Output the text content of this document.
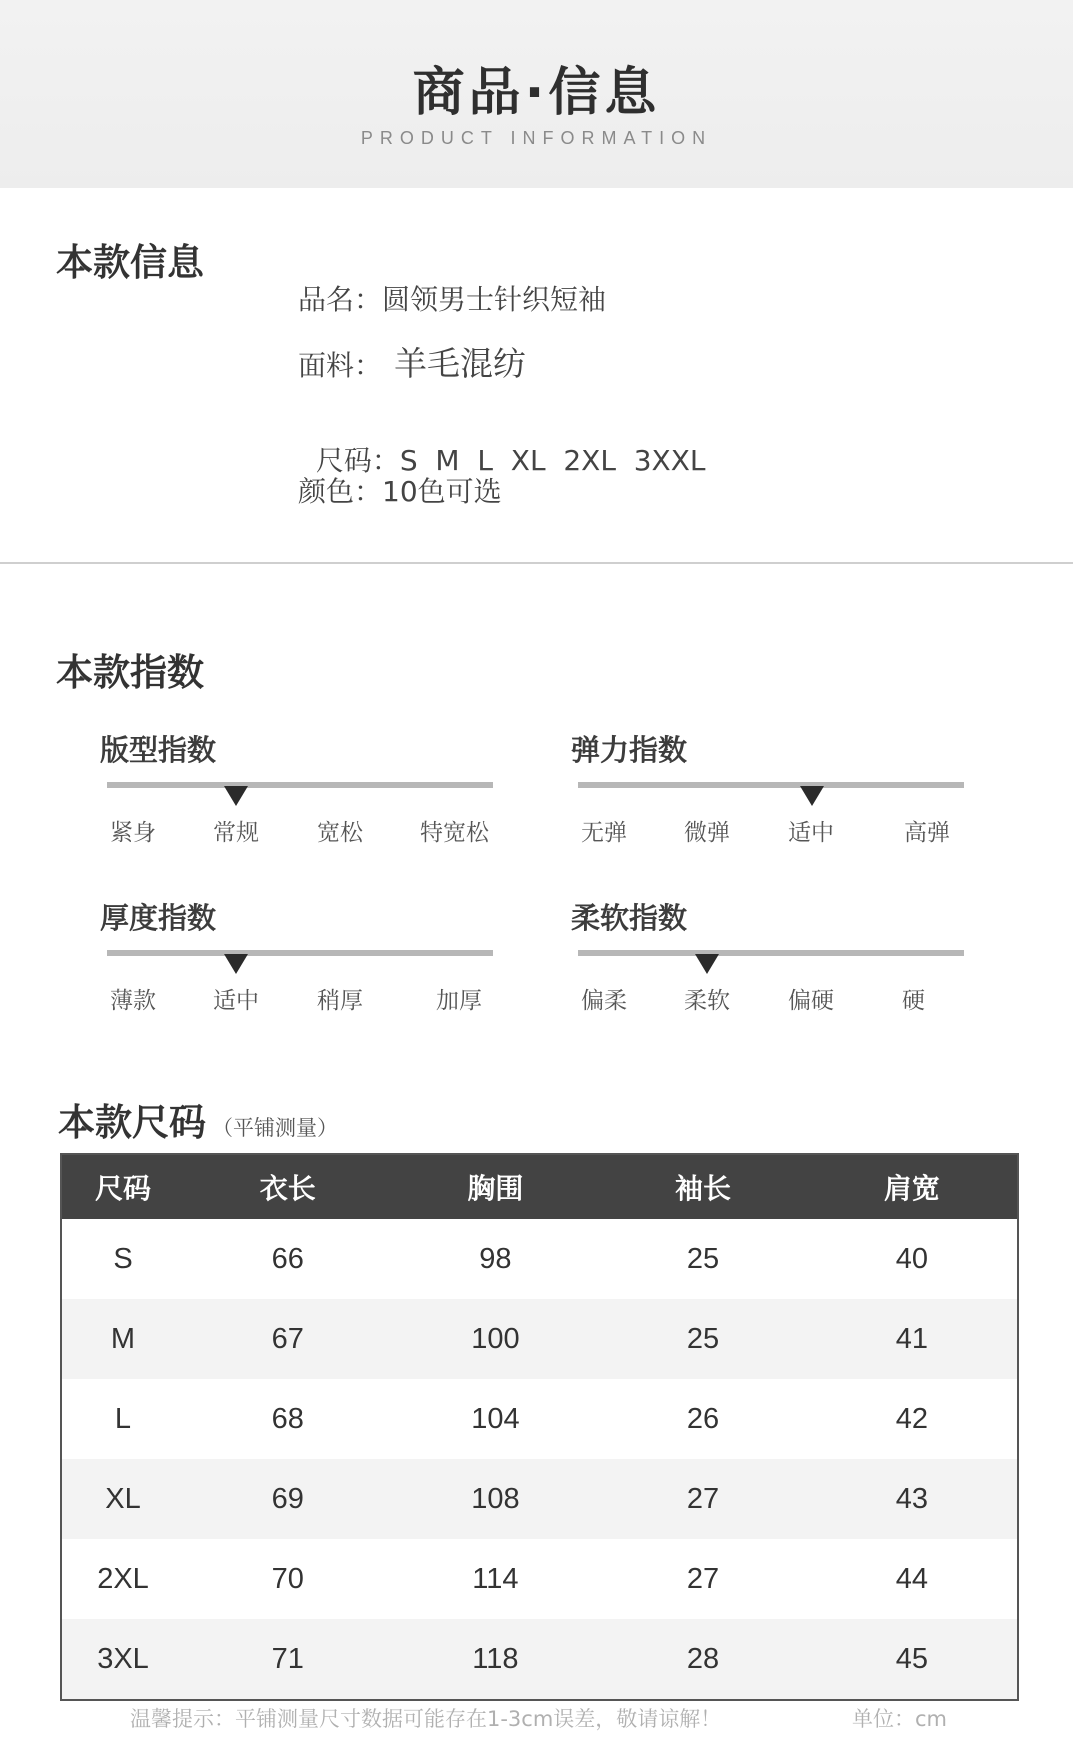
商品·信息
PRODUCT INFORMATION
本款信息
品名：圆领男士针织短袖
面料： 羊毛混纺

尺码：S  M  L  XL  2XL  3XXL

颜色：10色可选
本款指数
版型指数
紧身 常规	宽松 特宽松
弹力指数
无弹 微弹	适中	高弹
厚度指数
薄款 适中	稍厚	加厚
柔软指数
偏柔 柔软	偏硬	硬
本款尺码 （平铺测量）
尺码	衣长	胸围	袖长	肩宽
S	66	98	25	40
M	67	100	25	41
L	68	104	26	42
XL	69	108	27	43
2XL	70	114	27	44
3XL	71	118	28	45
温馨提示：平铺测量尺寸数据可能存在1-3cm误差，敬请谅解！	单位：cm
